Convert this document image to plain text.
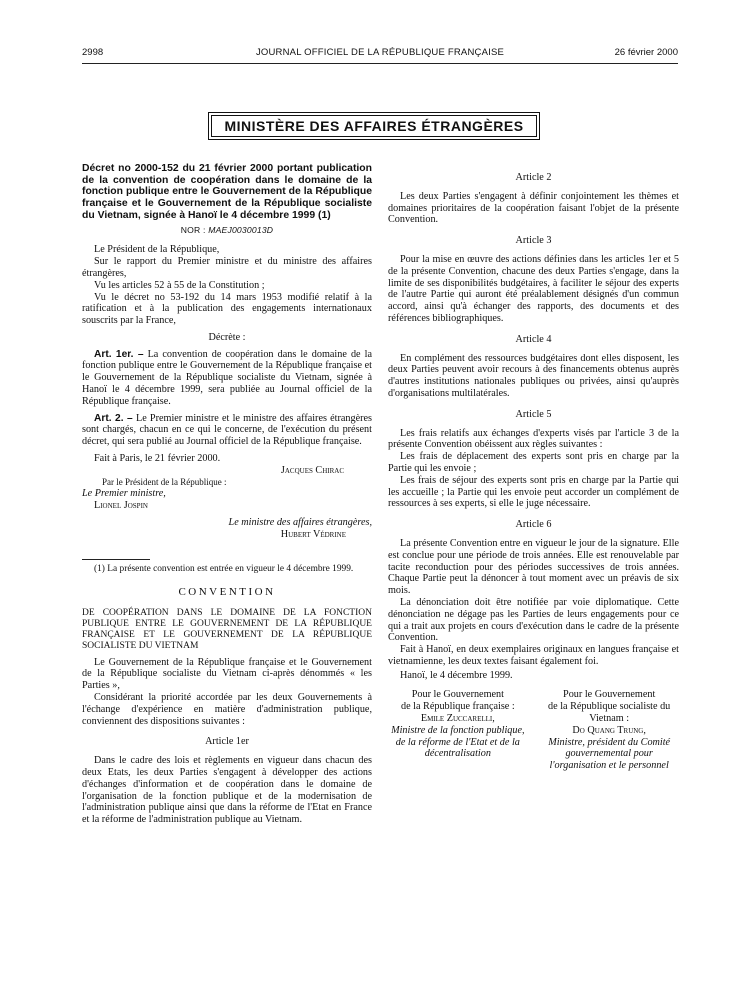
2998	JOURNAL OFFICIEL DE LA RÉPUBLIQUE FRANÇAISE	26 février 2000
MINISTÈRE DES AFFAIRES ÉTRANGÈRES

Décret no 2000-152 du 21 février 2000 portant publication de la convention de coopération dans le domaine de la fonction publique entre le Gouvernement de la République française et le Gouvernement de la République socialiste du Vietnam, signée à Hanoï le 4 décembre 1999 (1)

NOR : MAEJ0030013D

Le Président de la République,

Sur le rapport du Premier ministre et du ministre des affaires étrangères,

Vu les articles 52 à 55 de la Constitution ;

Vu le décret no 53-192 du 14 mars 1953 modifié relatif à la ratification et à la publication des engagements internationaux souscrits par la France,

Décrète :

Art. 1er. – La convention de coopération dans le domaine de la fonction publique entre le Gouvernement de la République française et le Gouvernement de la République socialiste du Vietnam, signée à Hanoï le 4 décembre 1999, sera publiée au Journal officiel de la République française.

Art. 2. – Le Premier ministre et le ministre des affaires étrangères sont chargés, chacun en ce qui le concerne, de l'exécution du présent décret, qui sera publié au Journal officiel de la République française.

Fait à Paris, le 21 février 2000.

Jacques Chirac

Par le Président de la République :

Le Premier ministre,

Lionel Jospin

Le ministre des affaires étrangères,

Hubert Védrine

(1) La présente convention est entrée en vigueur le 4 décembre 1999.

CONVENTION

DE COOPÉRATION DANS LE DOMAINE DE LA FONCTION PUBLIQUE ENTRE LE GOUVERNEMENT DE LA RÉPUBLIQUE FRANÇAISE ET LE GOUVERNEMENT DE LA RÉPUBLIQUE SOCIALISTE DU VIETNAM

Le Gouvernement de la République française et le Gouvernement de la République socialiste du Vietnam ci-après dénommés « les Parties »,

Considérant la priorité accordée par les deux Gouvernements à l'échange d'expérience en matière d'administration publique, conviennent des dispositions suivantes :

Article 1er

Dans le cadre des lois et règlements en vigueur dans chacun des deux Etats, les deux Parties s'engagent à développer des actions d'échanges d'information et de coopération dans le domaine de l'organisation de la fonction publique et de la modernisation de l'administration publique ainsi que dans la réforme de l'Etat en France et la réforme de l'administration publique au Vietnam.

Article 2

Les deux Parties s'engagent à définir conjointement les thèmes et domaines prioritaires de la coopération faisant l'objet de la présente Convention.

Article 3

Pour la mise en œuvre des actions définies dans les articles 1er et 5 de la présente Convention, chacune des deux Parties s'engage, dans la limite de ses disponibilités budgétaires, à faciliter le séjour des experts de l'autre Partie qui auront été préalablement désignés d'un commun accord, ainsi qu'à échanger des rapports, des documents et des références bibliographiques.

Article 4

En complément des ressources budgétaires dont elles disposent, les deux Parties peuvent avoir recours à des financements obtenus auprès d'autres institutions nationales publiques ou privées, ainsi qu'auprès d'organisations multilatérales.

Article 5

Les frais relatifs aux échanges d'experts visés par l'article 3 de la présente Convention obéissent aux règles suivantes :

Les frais de déplacement des experts sont pris en charge par la Partie qui les envoie ;

Les frais de séjour des experts sont pris en charge par la Partie qui les accueille ; la Partie qui les envoie peut accorder un complément de ressources à ses experts, si elle le juge nécessaire.

Article 6

La présente Convention entre en vigueur le jour de la signature. Elle est conclue pour une période de trois années. Elle est renouvelable par tacite reconduction pour des périodes successives de trois années. Chaque Partie peut la dénoncer à tout moment avec un préavis de six mois.

La dénonciation doit être notifiée par voie diplomatique. Cette dénonciation ne dégage pas les Parties de leurs engagements pour ce qui a trait aux projets en cours d'exécution dans le cadre de la présente Convention.

Fait à Hanoï, en deux exemplaires originaux en langues française et vietnamienne, les deux textes faisant également foi.

Hanoï, le 4 décembre 1999.

Pour le Gouvernement

de la République française :

Emile Zuccarelli,

Ministre de la fonction publique, de la réforme de l'Etat et de la décentralisation

Pour le Gouvernement

de la République socialiste du Vietnam :

Do Quang Trung,

Ministre, président du Comité gouvernemental pour l'organisation et le personnel
